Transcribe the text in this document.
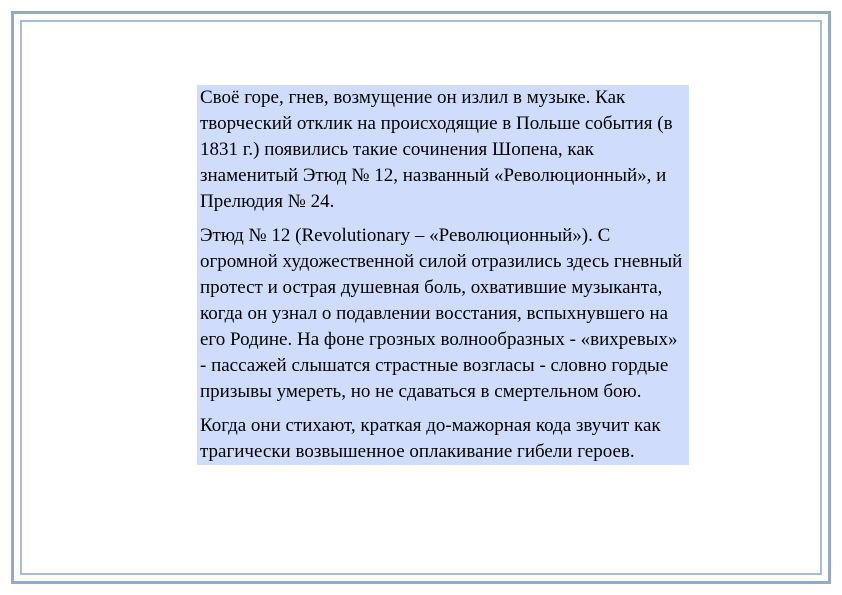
Своё горе, гнев, возмущение он излил в музыке. Как творческий отклик на происходящие в Польше события (в 1831 г.) появились такие сочинения Шопена, как знаменитый Этюд № 12, названный «Революционный», и Прелюдия № 24.

Этюд № 12 (Revolutionary – «Революционный»). С огромной художественной силой отразились здесь гневный протест и острая душевная боль, охватившие музыканта, когда он узнал о подавлении восстания, вспыхнувшего на его Родине. На фоне грозных волнообразных - «вихревых» - пассажей слышатся страстные возгласы - словно гордые призывы умереть, но не сдаваться в смертельном бою.

Когда они стихают, краткая до-мажорная кода звучит как трагически возвышенное оплакивание гибели героев.
